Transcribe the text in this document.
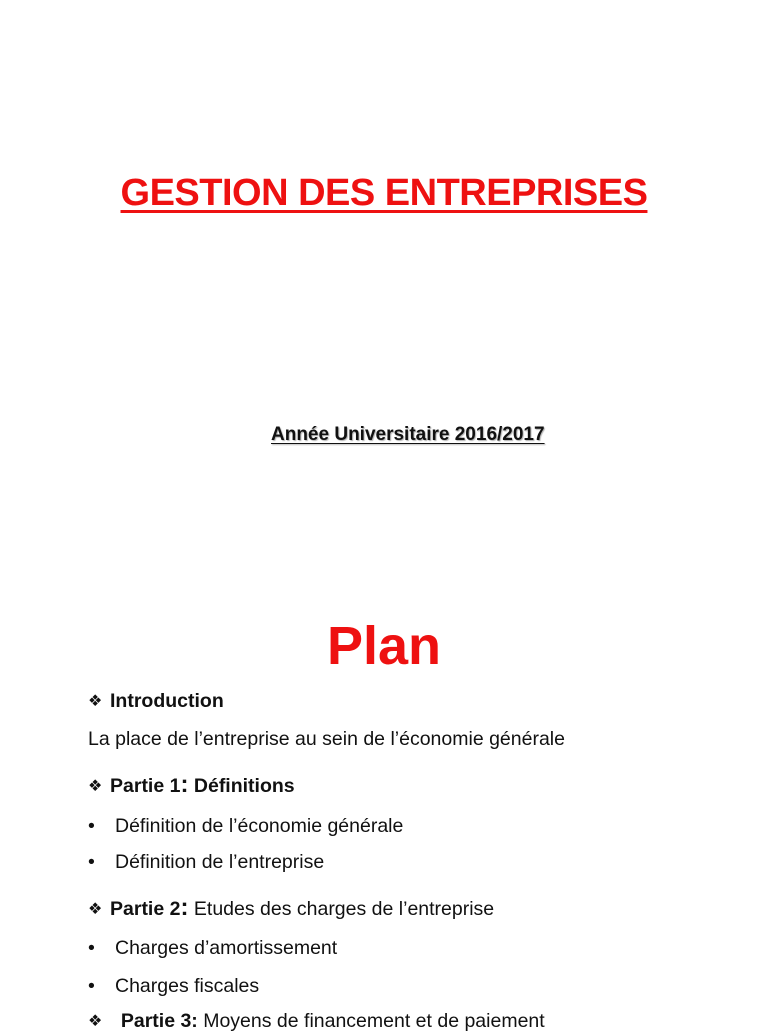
GESTION DES ENTREPRISES
Année Universitaire 2016/2017
Plan
❖ Introduction
La place de l’entreprise au sein de l’économie générale
❖ Partie 1: Définitions
• Définition de l’économie générale
• Définition de l’entreprise
❖ Partie 2: Etudes des charges de l’entreprise
• Charges d’amortissement
• Charges fiscales
❖ Partie 3: Moyens de financement et de paiement
